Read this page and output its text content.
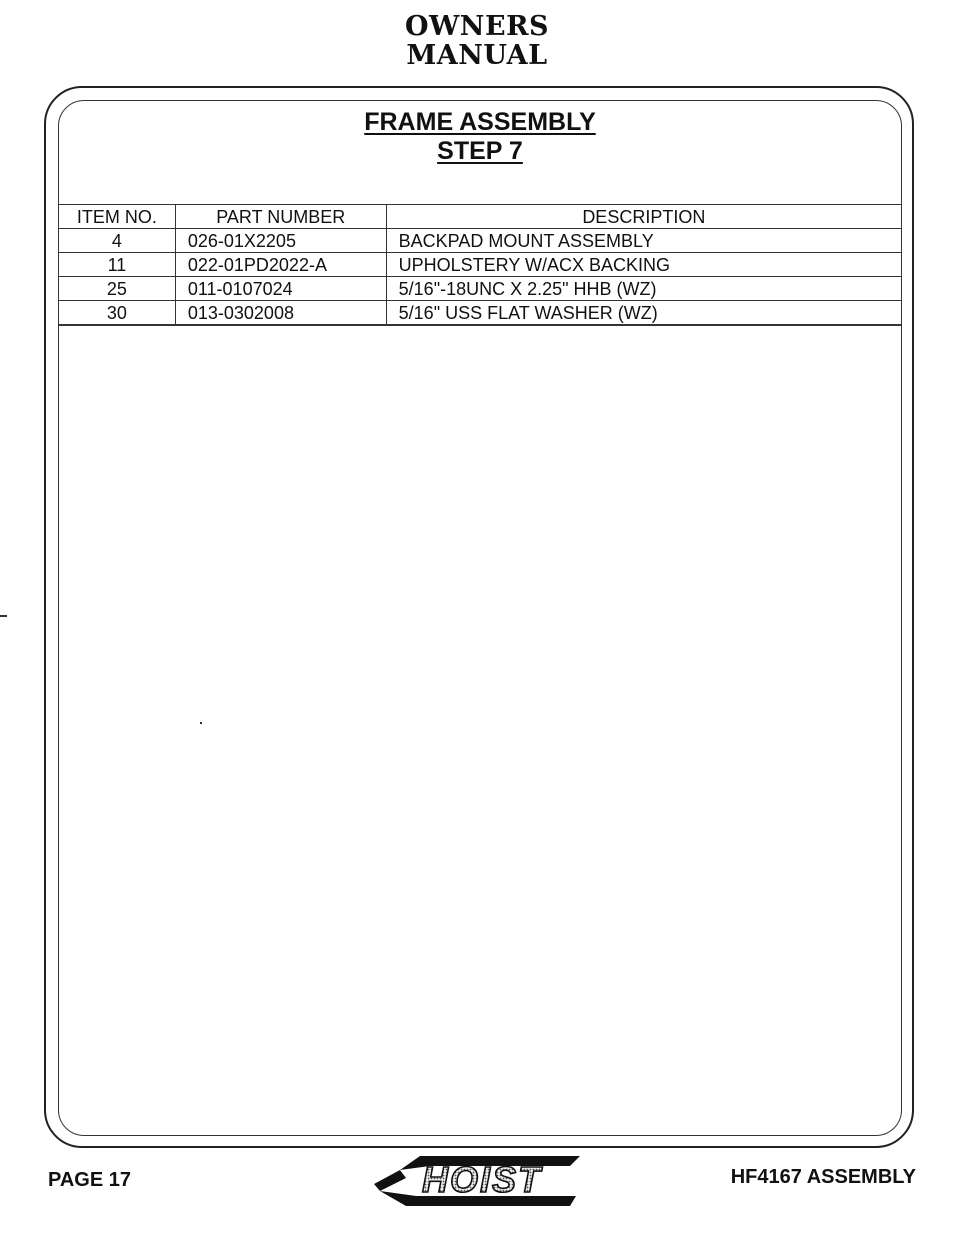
OWNERS
MANUAL
FRAME ASSEMBLY
STEP 7
ITEM NO.	PART NUMBER	DESCRIPTION
4	026-01X2205	BACKPAD MOUNT ASSEMBLY
11	022-01PD2022-A	UPHOLSTERY W/ACX BACKING
25	011-0107024	5/16"-18UNC X 2.25" HHB (WZ)
30	013-0302008	5/16" USS FLAT WASHER (WZ)
PAGE 17	HOIST	HF4167 ASSEMBLY
